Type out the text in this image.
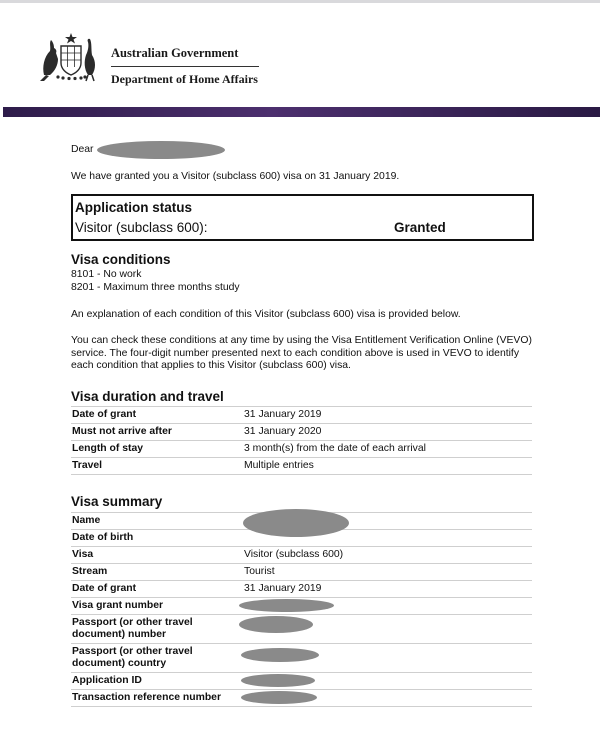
Australian Government
Department of Home Affairs
Dear
We have granted you a Visitor (subclass 600) visa on 31 January 2019.
Application status
Visitor (subclass 600):	Granted
Visa conditions
8101 - No work
8201 - Maximum three months study
An explanation of each condition of this Visitor (subclass 600) visa is provided below.
You can check these conditions at any time by using the Visa Entitlement Verification Online (VEVO) service. The four-digit number presented next to each condition above is used in VEVO to identify each condition that applies to this Visitor (subclass 600) visa.
Visa duration and travel
Date of grant	31 January 2019
Must not arrive after	31 January 2020
Length of stay	3 month(s) from the date of each arrival
Travel	Multiple entries
Visa summary
Name	

Date of birth	
Visa	Visitor (subclass 600)
Stream	Tourist
Date of grant	31 January 2019
Visa grant number	

Passport (or other travel document) number	

Passport (or other travel document) country	

Application ID	

Transaction reference number	
